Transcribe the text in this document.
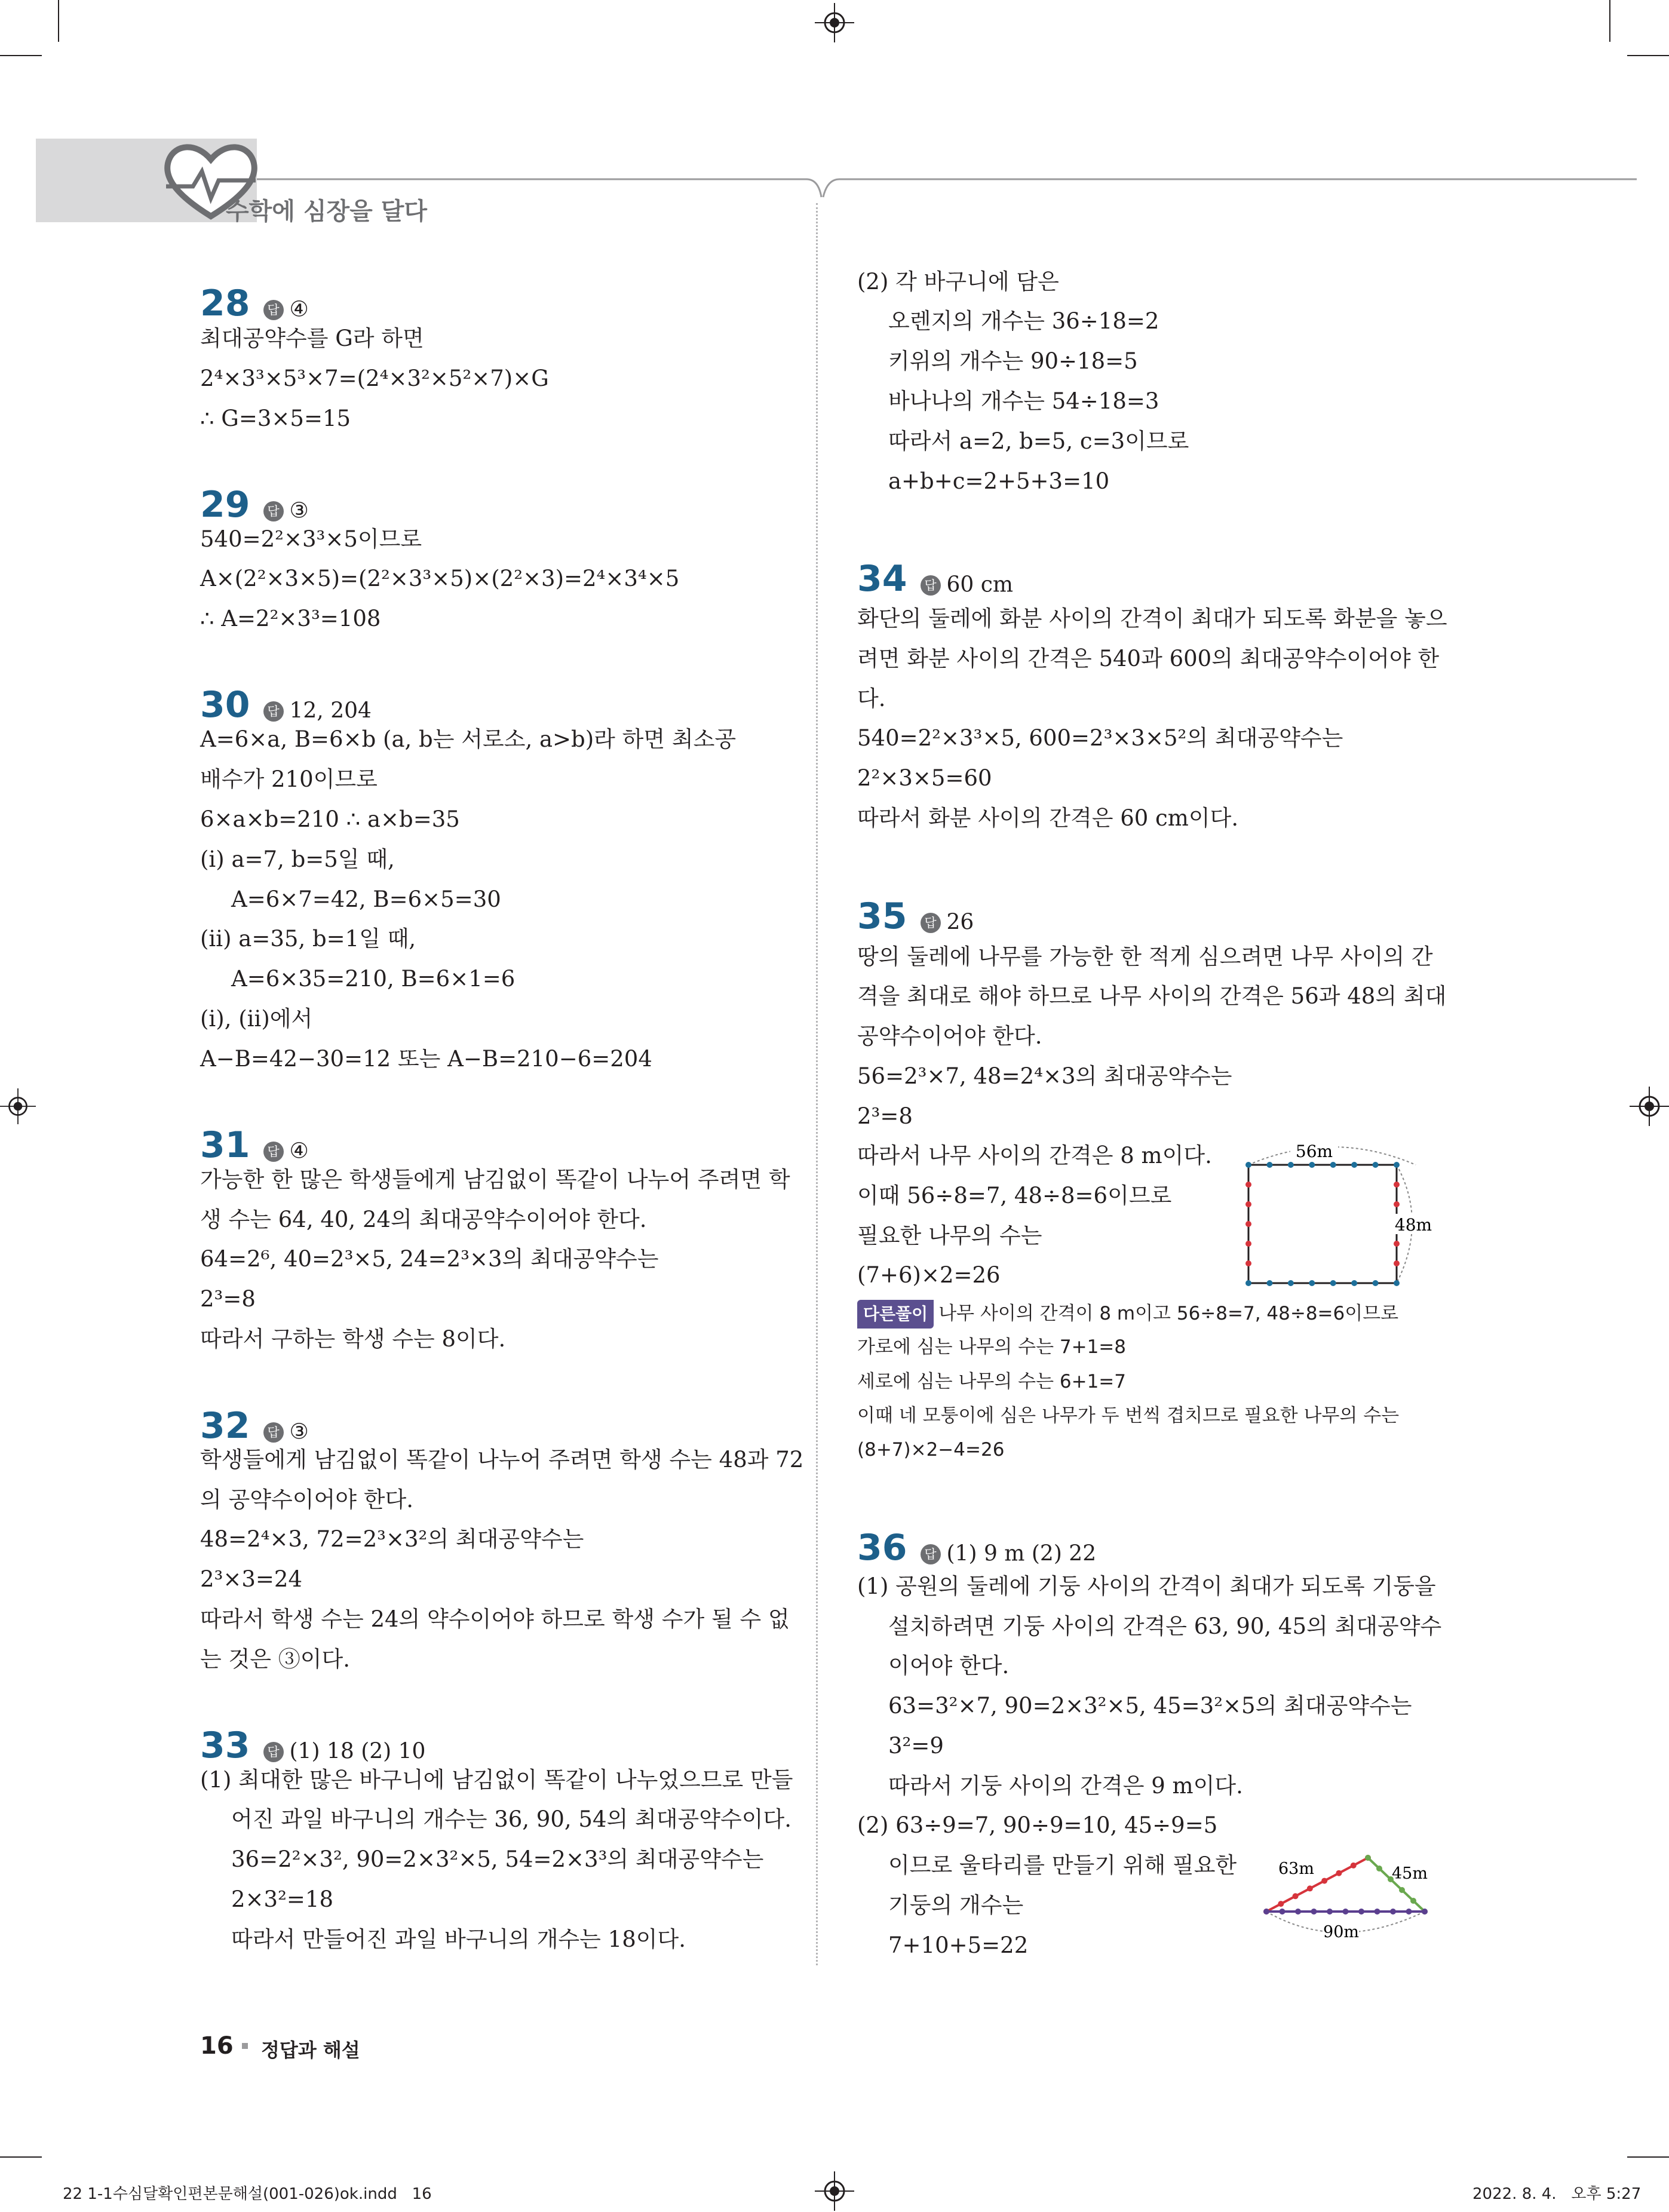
수학에 심장을 달다
28 답 ④
최대공약수를 G라 하면
2⁴×3³×5³×7=(2⁴×3²×5²×7)×G
∴ G=3×5=15
29 답 ③
540=2²×3³×5이므로
A×(2²×3×5)=(2²×3³×5)×(2²×3)=2⁴×3⁴×5
∴ A=2²×3³=108
30 답 12, 204
A=6×a, B=6×b (a, b는 서로소, a>b)라 하면 최소공
배수가 210이므로
6×a×b=210 ∴ a×b=35
(i) a=7, b=5일 때,
A=6×7=42, B=6×5=30
(ii) a=35, b=1일 때,
A=6×35=210, B=6×1=6
(i), (ii)에서
A−B=42−30=12 또는 A−B=210−6=204
31 답 ④
가능한 한 많은 학생들에게 남김없이 똑같이 나누어 주려면 학
생 수는 64, 40, 24의 최대공약수이어야 한다.
64=2⁶, 40=2³×5, 24=2³×3의 최대공약수는
2³=8
따라서 구하는 학생 수는 8이다.
32 답 ③
학생들에게 남김없이 똑같이 나누어 주려면 학생 수는 48과 72
의 공약수이어야 한다.
48=2⁴×3, 72=2³×3²의 최대공약수는
2³×3=24
따라서 학생 수는 24의 약수이어야 하므로 학생 수가 될 수 없
는 것은 ③이다.
33 답 (1) 18 (2) 10
(1) 최대한 많은 바구니에 남김없이 똑같이 나누었으므로 만들
어진 과일 바구니의 개수는 36, 90, 54의 최대공약수이다.
36=2²×3², 90=2×3²×5, 54=2×3³의 최대공약수는
2×3²=18
따라서 만들어진 과일 바구니의 개수는 18이다.
(2) 각 바구니에 담은
오렌지의 개수는 36÷18=2
키위의 개수는 90÷18=5
바나나의 개수는 54÷18=3
따라서 a=2, b=5, c=3이므로
a+b+c=2+5+3=10
34 답 60 cm
화단의 둘레에 화분 사이의 간격이 최대가 되도록 화분을 놓으
려면 화분 사이의 간격은 540과 600의 최대공약수이어야 한
다.
540=2²×3³×5, 600=2³×3×5²의 최대공약수는
2²×3×5=60
따라서 화분 사이의 간격은 60 cm이다.
35 답 26
땅의 둘레에 나무를 가능한 한 적게 심으려면 나무 사이의 간
격을 최대로 해야 하므로 나무 사이의 간격은 56과 48의 최대
공약수이어야 한다.
56=2³×7, 48=2⁴×3의 최대공약수는
2³=8
따라서 나무 사이의 간격은 8 m이다.
이때 56÷8=7, 48÷8=6이므로
필요한 나무의 수는
(7+6)×2=26
다른풀이 나무 사이의 간격이 8 m이고 56÷8=7, 48÷8=6이므로
가로에 심는 나무의 수는 7+1=8
세로에 심는 나무의 수는 6+1=7
이때 네 모퉁이에 심은 나무가 두 번씩 겹치므로 필요한 나무의 수는
(8+7)×2−4=26
36 답 (1) 9 m (2) 22
(1) 공원의 둘레에 기둥 사이의 간격이 최대가 되도록 기둥을
설치하려면 기둥 사이의 간격은 63, 90, 45의 최대공약수
이어야 한다.
63=3²×7, 90=2×3²×5, 45=3²×5의 최대공약수는
3²=9
따라서 기둥 사이의 간격은 9 m이다.
(2) 63÷9=7, 90÷9=10, 45÷9=5
이므로 울타리를 만들기 위해 필요한
기둥의 개수는
7+10+5=22
56m
48m
63m	45m
90m
16 정답과 해설
22 1-1수심달확인편본문해설(001-026)ok.indd   16	2022. 8. 4.   오후 5:27
